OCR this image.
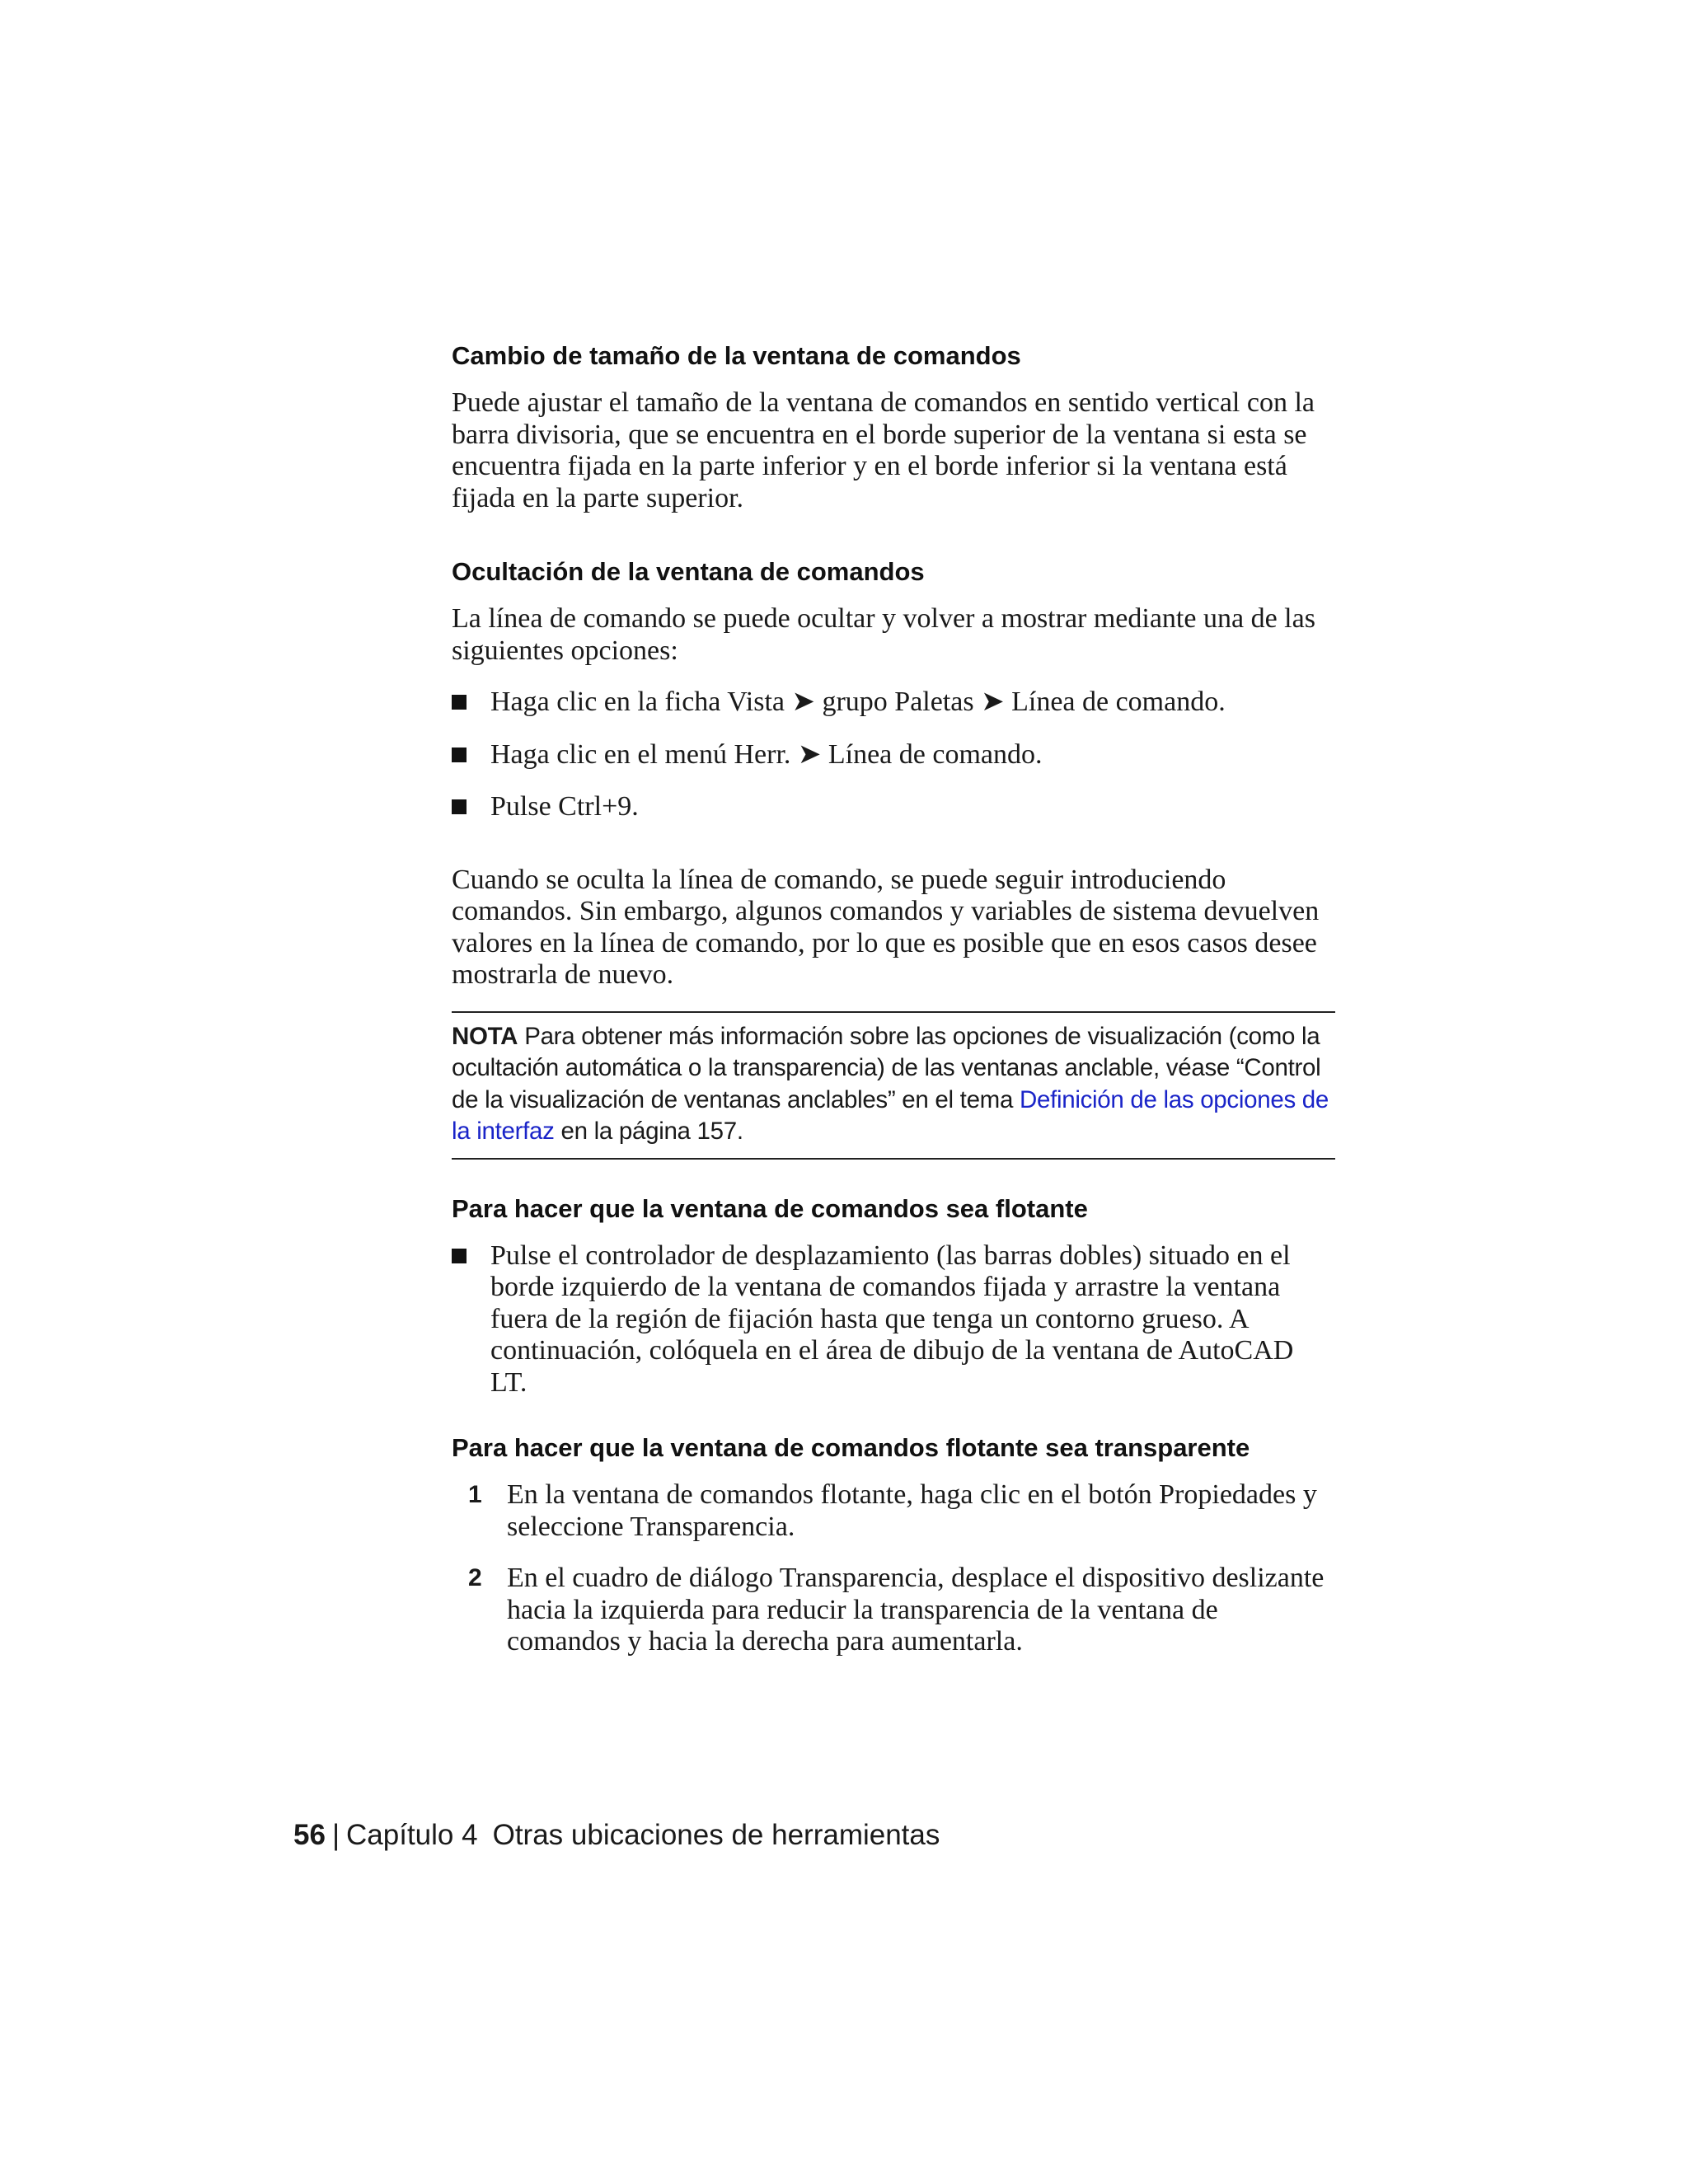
Cambio de tamaño de la ventana de comandos

Puede ajustar el tamaño de la ventana de comandos en sentido vertical con la barra divisoria, que se encuentra en el borde superior de la ventana si esta se encuentra fijada en la parte inferior y en el borde inferior si la ventana está fijada en la parte superior.

Ocultación de la ventana de comandos

La línea de comando se puede ocultar y volver a mostrar mediante una de las siguientes opciones:

Haga clic en la ficha Vista ➤ grupo Paletas ➤ Línea de comando.
Haga clic en el menú Herr. ➤ Línea de comando.
Pulse Ctrl+9.

Cuando se oculta la línea de comando, se puede seguir introduciendo comandos. Sin embargo, algunos comandos y variables de sistema devuelven valores en la línea de comando, por lo que es posible que en esos casos desee mostrarla de nuevo.

NOTA Para obtener más información sobre las opciones de visualización (como la ocultación automática o la transparencia) de las ventanas anclable, véase “Control de la visualización de ventanas anclables” en el tema Definición de las opciones de la interfaz en la página 157.

Para hacer que la ventana de comandos sea flotante
Pulse el controlador de desplazamiento (las barras dobles) situado en el borde izquierdo de la ventana de comandos fijada y arrastre la ventana fuera de la región de fijación hasta que tenga un contorno grueso. A continuación, colóquela en el área de dibujo de la ventana de AutoCAD LT.
Para hacer que la ventana de comandos flotante sea transparente
1 En la ventana de comandos flotante, haga clic en el botón Propiedades y seleccione Transparencia.
2 En el cuadro de diálogo Transparencia, desplace el dispositivo deslizante hacia la izquierda para reducir la transparencia de la ventana de comandos y hacia la derecha para aumentarla.
56 | Capítulo 4 Otras ubicaciones de herramientas
